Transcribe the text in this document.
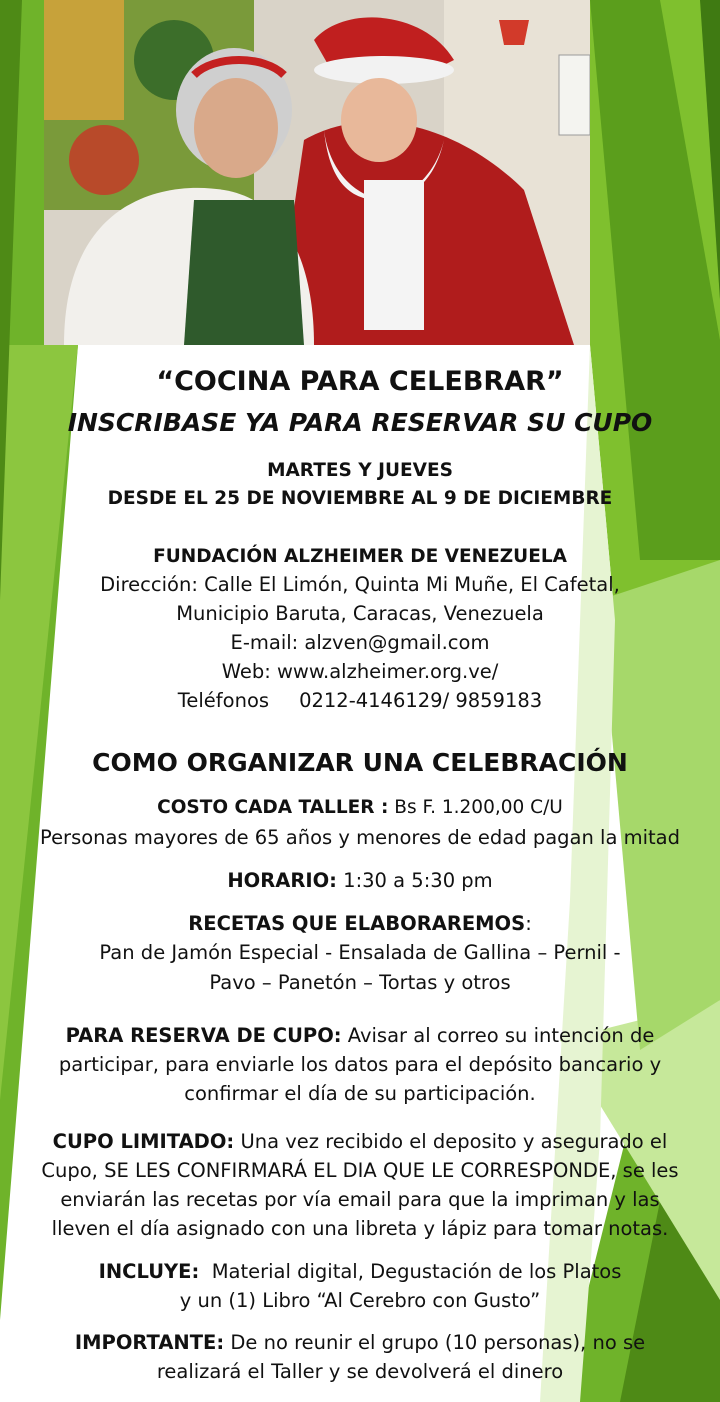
“COCINA PARA CELEBRAR”
INSCRIBASE YA PARA RESERVAR SU CUPO
MARTES Y JUEVES
DESDE EL 25 DE NOVIEMBRE AL 9 DE DICIEMBRE
FUNDACIÓN ALZHEIMER DE VENEZUELA
Dirección: Calle El Limón, Quinta Mi Muñe, El Cafetal,
Municipio Baruta, Caracas, Venezuela
E-mail: alzven@gmail.com
Web: www.alzheimer.org.ve/
Teléfonos 0212-4146129/ 9859183
COMO ORGANIZAR UNA CELEBRACIÓN
COSTO CADA TALLER : Bs F. 1.200,00 C/U
Personas mayores de 65 años y menores de edad pagan la mitad
HORARIO: 1:30 a 5:30 pm
RECETAS QUE ELABORAREMOS:
Pan de Jamón Especial - Ensalada de Gallina – Pernil -
Pavo – Panetón – Tortas y otros
PARA RESERVA DE CUPO: Avisar al correo su intención de
participar, para enviarle los datos para el depósito bancario y
confirmar el día de su participación.
CUPO LIMITADO: Una vez recibido el deposito y asegurado el
Cupo, SE LES CONFIRMARÁ EL DIA QUE LE CORRESPONDE, se les
enviarán las recetas por vía email para que la impriman y las
lleven el día asignado con una libreta y lápiz para tomar notas.
INCLUYE: Material digital, Degustación de los Platos
y un (1) Libro “Al Cerebro con Gusto”
IMPORTANTE: De no reunir el grupo (10 personas), no se
realizará el Taller y se devolverá el dinero
